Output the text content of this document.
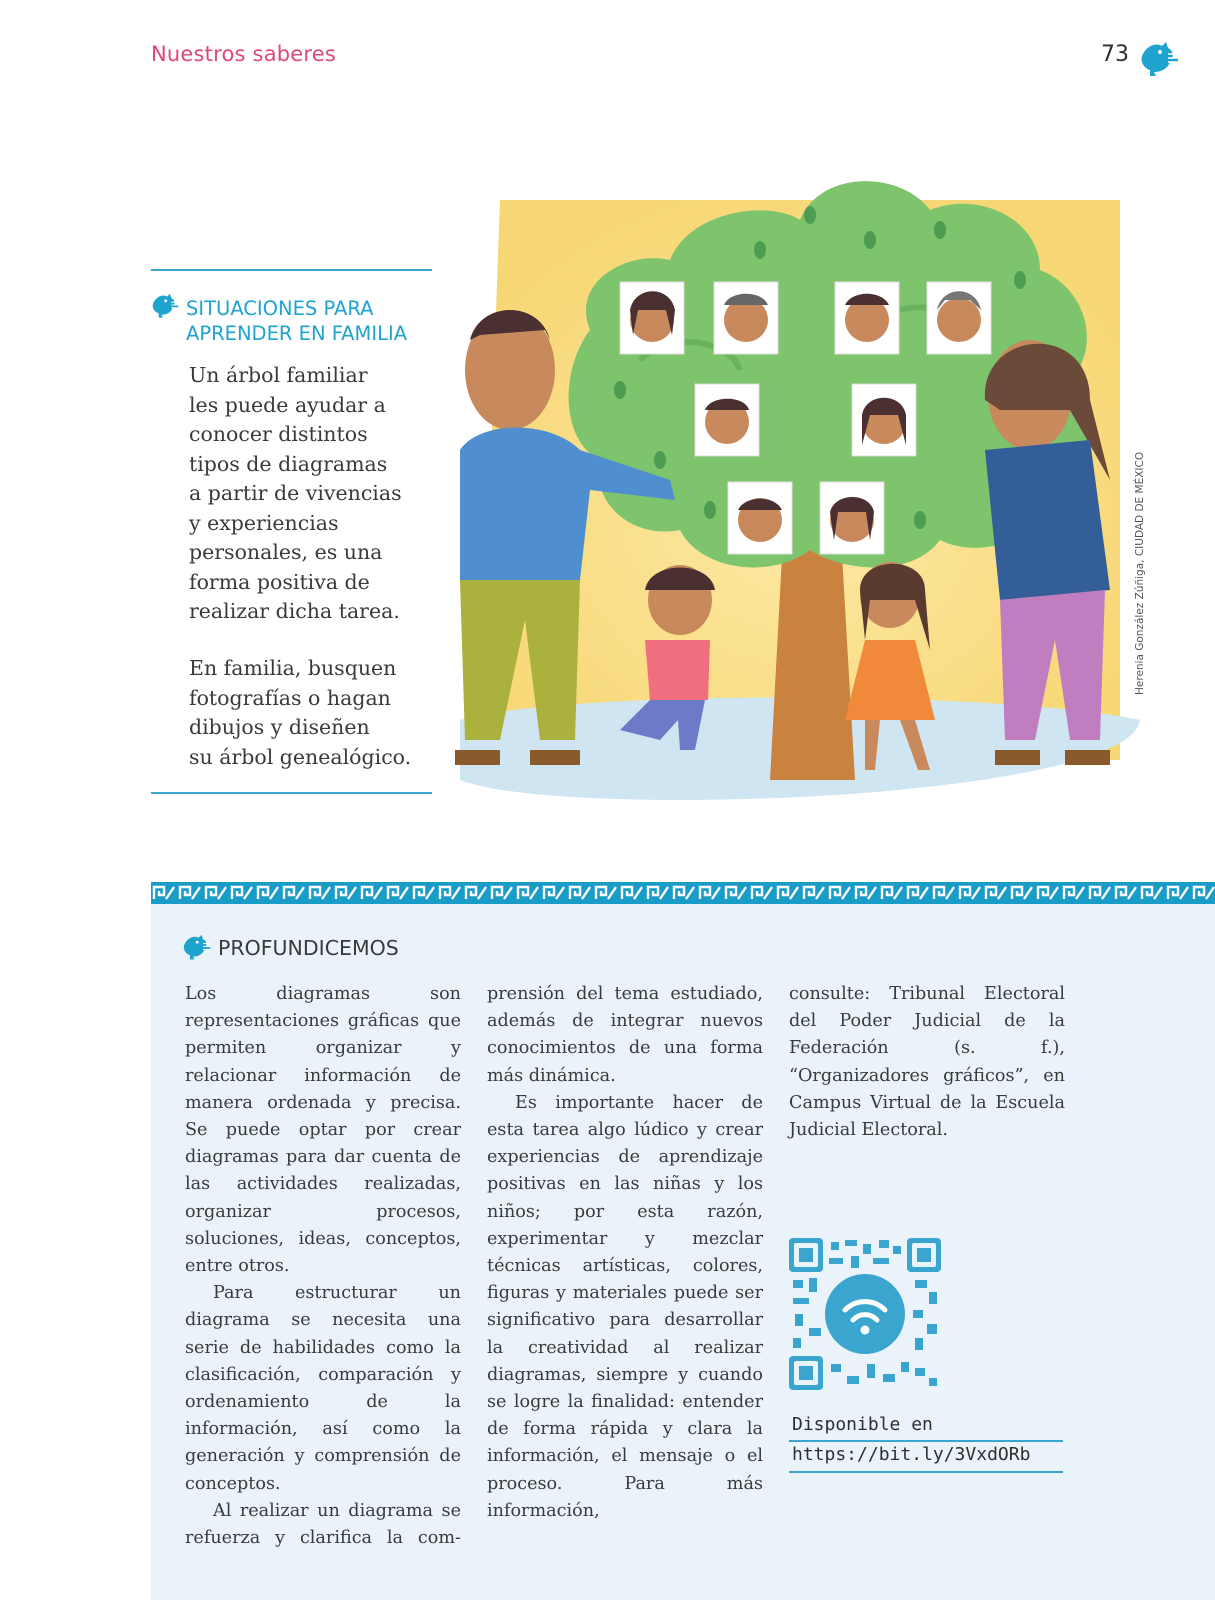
Nuestros saberes	73
SITUACIONES PARA
APRENDER EN FAMILIA
Un árbol familiar
les puede ayudar a
conocer distintos
tipos de diagramas
a partir de vivencias
y experiencias
personales, es una
forma positiva de
realizar dicha tarea.
En familia, busquen
fotografías o hagan
dibujos y diseñen
su árbol genealógico.
Herenia González Zúñiga, CIUDAD DE MÉXICO
PROFUNDICEMOS

Los diagramas son representaciones gráficas que permiten organizar y relacionar información de manera ordenada y precisa. Se puede optar por crear diagramas para dar cuenta de las actividades realizadas, organizar procesos, soluciones, ideas, conceptos, entre otros.

Para estructurar un diagrama se necesita una serie de habilidades como la clasificación, comparación y ordenamiento de la información, así como la generación y comprensión de conceptos.

Al realizar un diagrama se refuerza y clarifica la com-

prensión del tema estudiado, además de integrar nuevos conocimientos de una forma más dinámica.

Es importante hacer de esta tarea algo lúdico y crear experiencias de aprendizaje positivas en las niñas y los niños; por esta razón, experimentar y mezclar técnicas artísticas, colores, figuras y materiales puede ser significativo para desarrollar la creatividad al realizar diagramas, siempre y cuando se logre la finalidad: entender de forma rápida y clara la información, el mensaje o el proceso. Para más información,

consulte: Tribunal Electoral del Poder Judicial de la Federación (s. f.), “Organizadores gráficos”, en Campus Virtual de la Escuela Judicial Electoral.

Disponible en
https://bit.ly/3VxdORb
